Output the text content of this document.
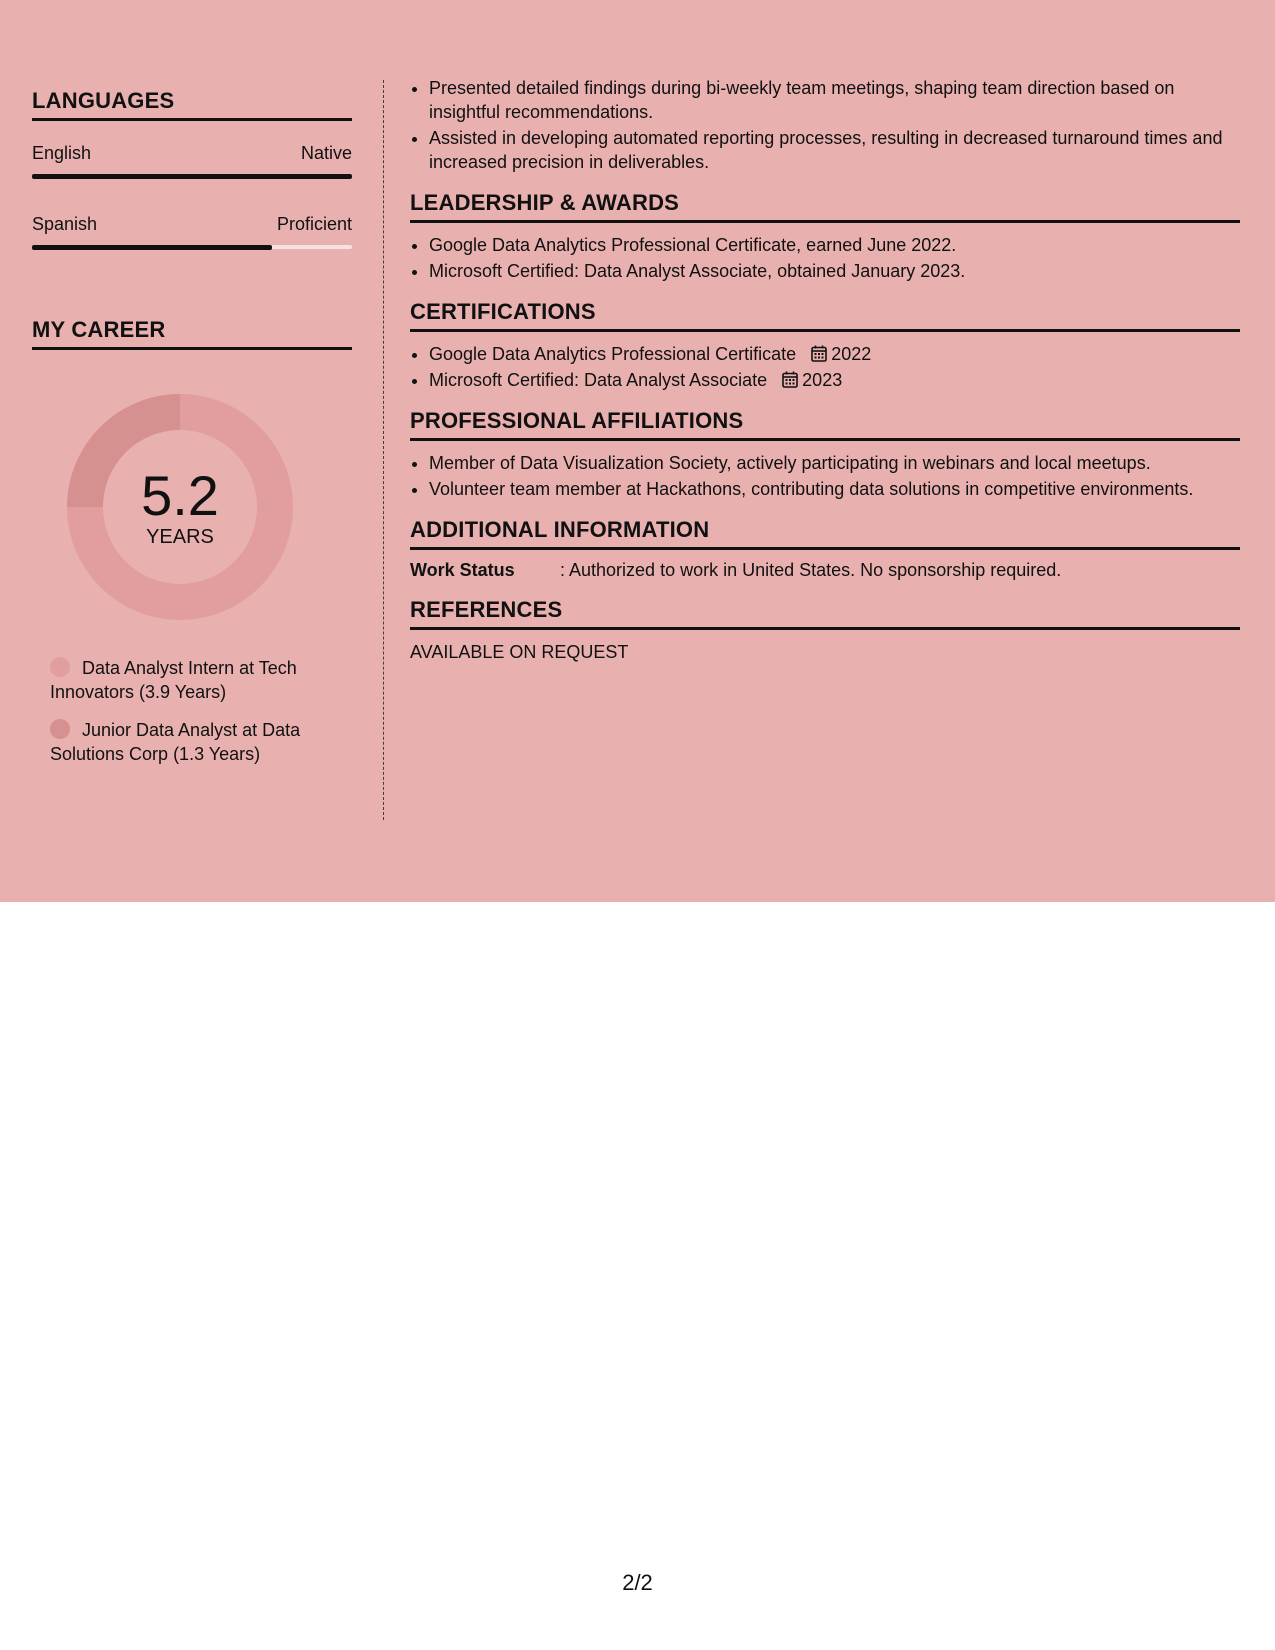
LANGUAGES
English	Native
Spanish	Proficient
MY CAREER
5.2
YEARS
Data Analyst Intern at Tech Innovators (3.9 Years)
Junior Data Analyst at Data Solutions Corp (1.3 Years)
• Presented detailed findings during bi-weekly team meetings, shaping team direction based on insightful recommendations.
• Assisted in developing automated reporting processes, resulting in decreased turnaround times and increased precision in deliverables.
LEADERSHIP & AWARDS
• Google Data Analytics Professional Certificate, earned June 2022.
• Microsoft Certified: Data Analyst Associate, obtained January 2023.
CERTIFICATIONS
• Google Data Analytics Professional Certificate 2022
• Microsoft Certified: Data Analyst Associate 2023
PROFESSIONAL AFFILIATIONS
• Member of Data Visualization Society, actively participating in webinars and local meetups.
• Volunteer team member at Hackathons, contributing data solutions in competitive environments.
ADDITIONAL INFORMATION
Work Status	: Authorized to work in United States. No sponsorship required.
REFERENCES
AVAILABLE ON REQUEST
2/2
